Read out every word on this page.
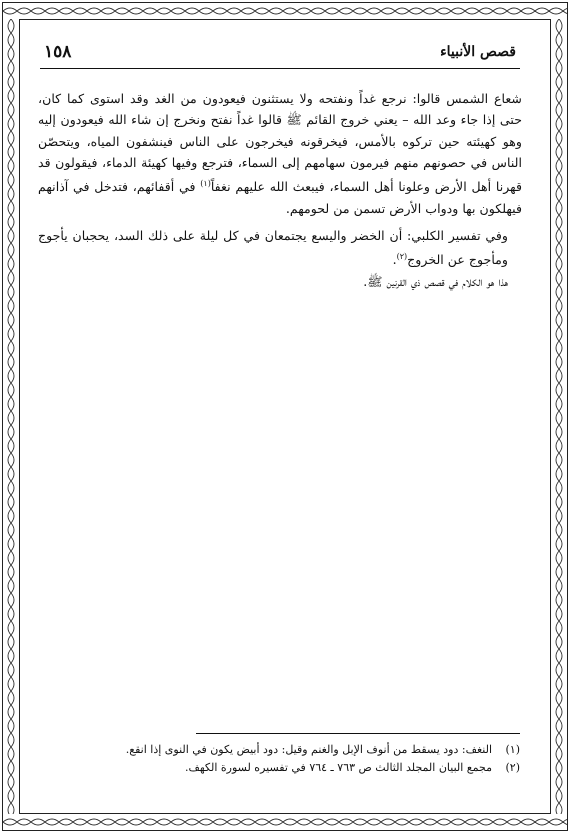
قصص الأنبياء
١٥٨

شعاع الشمس قالوا: نرجع غداً ونفتحه ولا يستثنون فيعودون من الغد وقد استوى كما كان، حتى إذا جاء وعد الله – يعني خروج القائم ﷺ قالوا غداً نفتح ونخرج إن شاء الله فيعودون إليه وهو كهيئته حين تركوه بالأمس، فيخرقونه فيخرجون على الناس فينشفون المياه، ويتحصّن الناس في حصونهم منهم فيرمون سهامهم إلى السماء، فترجع وفيها كهيئة الدماء، فيقولون قد قهرنا أهل الأرض وعلونا أهل السماء، فيبعث الله عليهم نغفاً$^{(١)}$ في أقفائهم، فتدخل في آذانهم فيهلكون بها ودواب الأرض تسمن من لحومهم.

وفي تفسير الكلبي: أن الخضر واليسع يجتمعان في كل ليلة على ذلك السد، يحجبان يأجوج ومأجوج عن الخروج$^{(٢)}$.

هذا هو الكلام في قصص ذي القرنين ﷺ.

(١)
النغف: دود يسقط من أنوف الإبل والغنم وقيل: دود أبيض يكون في النوى إذا انقع.
(٢)
مجمع البيان المجلد الثالث ص ٧٦٣ ـ ٧٦٤ في تفسيره لسورة الكهف.
